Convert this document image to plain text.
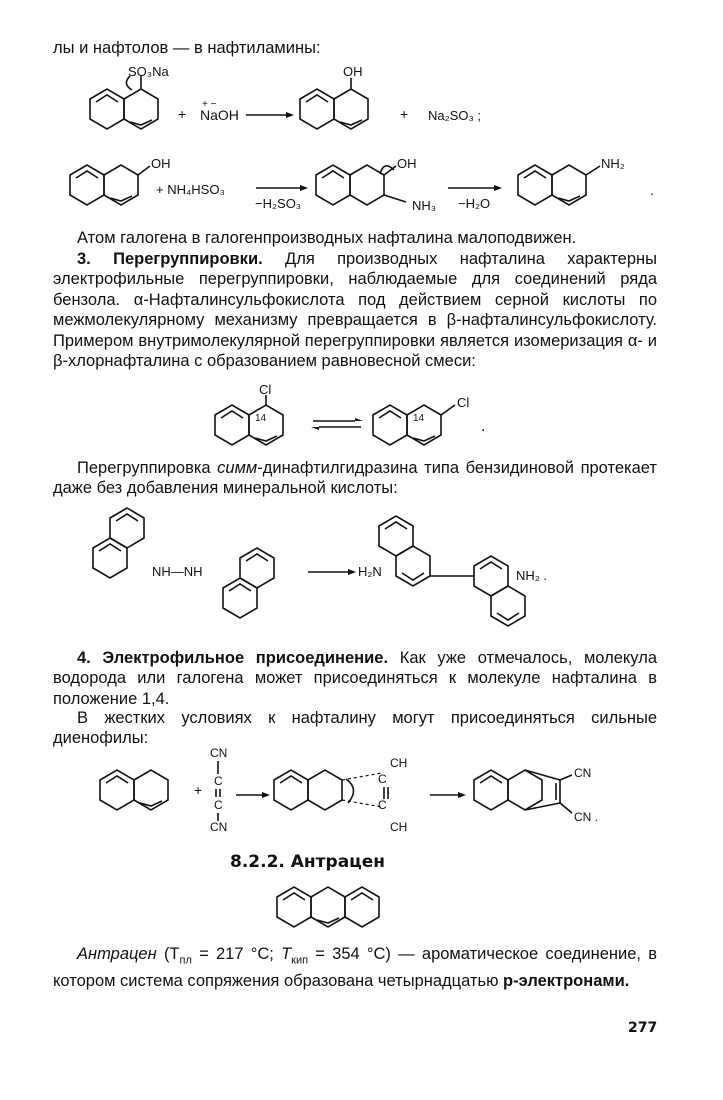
лы и нафтолов — в нафтиламины:

SO₃Na
+
+ −
NaOH
OH
+ Na₂SO₃ ;
OH
+ NH₄HSO₃
−H₂SO₃
OH
NH₃ −H₂O
NH₂
.

Атом галогена в галогенпроизводных нафталина малоподвижен.

3. Перегруппировки. Для производных нафталина характерны электрофильные перегруппировки, наблюдаемые для соединений ряда бензола. α-Нафталинсульфокислота под действием серной кислоты по межмолекулярному механизму превращается в β-нафталинсульфокислоту. Примером внутримолекулярной перегруппировки является изомеризация α- и β-хлорнафталина с образованием равновесной смеси:

Cl
14
Cl
14	.

Перегруппировка симм-динафтилгидразина типа бензидиновой протекает даже без добавления минеральной кислоты:

NH—NH	H₂N	NH₂ .

4. Электрофильное присоединение. Как уже отмечалось, молекула водорода или галогена может присоединяться к молекуле нафталина в положение 1,4.

В жестких условиях к нафталину могут присоединяться сильные диенофилы:

+
CN
C
C
CN
CH
C
C
CH
CN
CN .
8.2.2. Антрацен

Антрацен ($T_{пл} = 217$ °C; $T_{кип} = 354$ °C) — ароматическое соединение, в котором система сопряжения образована четырнадцатью p-электронами.

277
